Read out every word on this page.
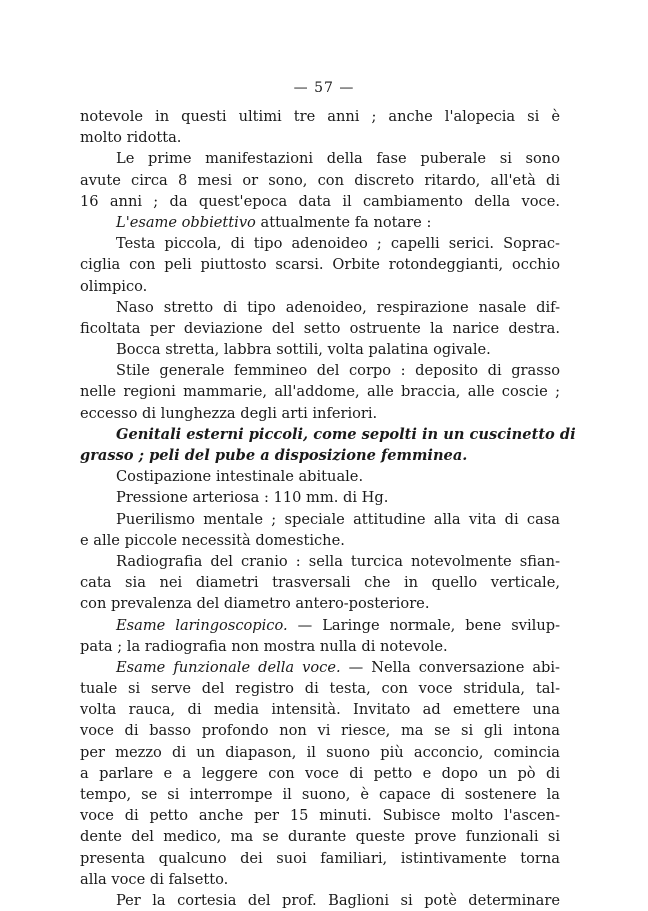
— 57 —
notevole in questi ultimi tre anni ; anche l'alopecia si è
molto ridotta.
Le prime manifestazioni della fase puberale si sono
avute circa 8 mesi or sono, con discreto ritardo, all'età di
16 anni ; da quest'epoca data il cambiamento della voce.
L'esame obbiettivo attualmente fa notare :
Testa piccola, di tipo adenoideo ; capelli serici. Soprac-
ciglia con peli piuttosto scarsi. Orbite rotondeggianti, occhio
olimpico.
Naso stretto di tipo adenoideo, respirazione nasale dif-
ficoltata per deviazione del setto ostruente la narice destra.
Bocca stretta, labbra sottili, volta palatina ogivale.
Stile generale femmineo del corpo : deposito di grasso
nelle regioni mammarie, all'addome, alle braccia, alle coscie ;
eccesso di lunghezza degli arti inferiori.
Genitali esterni piccoli, come sepolti in un cuscinetto di
grasso ; peli del pube a disposizione femminea.
Costipazione intestinale abituale.
Pressione arteriosa : 110 mm. di Hg.
Puerilismo mentale ; speciale attitudine alla vita di casa
e alle piccole necessità domestiche.
Radiografia del cranio : sella turcica notevolmente sfian-
cata sia nei diametri trasversali che in quello verticale,
con prevalenza del diametro antero-posteriore.
Esame laringoscopico. — Laringe normale, bene svilup-
pata ; la radiografia non mostra nulla di notevole.
Esame funzionale della voce. — Nella conversazione abi-
tuale si serve del registro di testa, con voce stridula, tal-
volta rauca, di media intensità. Invitato ad emettere una
voce di basso profondo non vi riesce, ma se si gli intona
per mezzo di un diapason, il suono più acconcio, comincia
a parlare e a leggere con voce di petto e dopo un pò di
tempo, se si interrompe il suono, è capace di sostenere la
voce di petto anche per 15 minuti. Subisce molto l'ascen-
dente del medico, ma se durante queste prove funzionali si
presenta qualcuno dei suoi familiari, istintivamente torna
alla voce di falsetto.
Per la cortesia del prof. Baglioni si potè determinare
